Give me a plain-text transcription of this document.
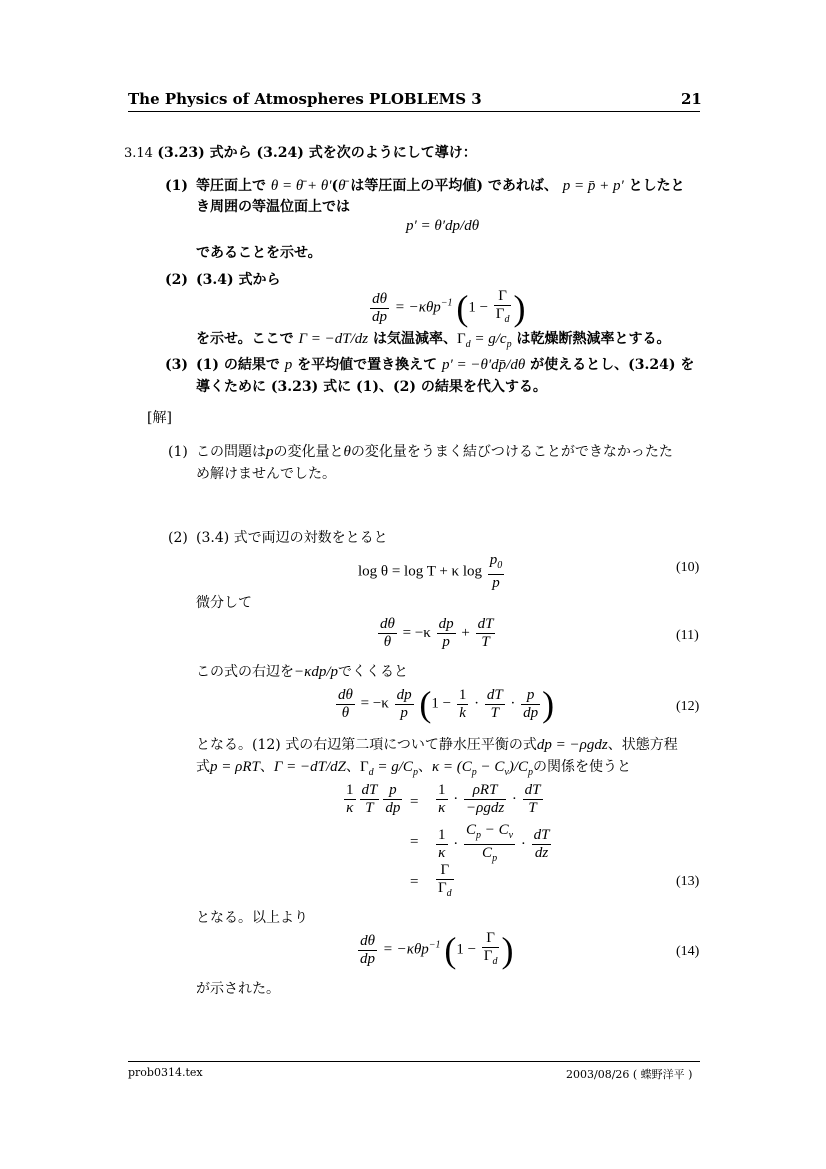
The Physics of Atmospheres PLOBLEMS 3	21
3.14 (3.23) 式から (3.24) 式を次のようにして導け：
(1) 等圧面上で θ = θ̄ + θ′(θ̄ は等圧面上の平均値) であれば、 p = p̄ + p′ としたと
き周囲の等温位面上では
p′ = θ′dp/dθ
であることを示せ。
(2) (3.4) 式から
$\frac{d\theta}{dp} = -\kappa\theta p^{-1}$ ($1 - \frac{\Gamma}{\Gamma_d}$ )
を示せ。ここで Γ = −dT/dz は気温減率、$\Gamma_d = g/c_p$ は乾燥断熱減率とする。
(3) (1) の結果で p を平均値で置き換えて p′ = −θ′dp̄/dθ が使えるとし、(3.24) を
導くために (3.23) 式に (1)、(2) の結果を代入する。
[解]
(1) この問題はpの変化量とθの変化量をうまく結びつけることができなかったた
め解けませんでした。
(2) (3.4) 式で両辺の対数をとると
log θ = log T + κ $\log \frac{p_0}{p}$	(10)
微分して
$\frac{d\theta}{\theta} = -\kappa \frac{dp}{p} + \frac{dT}{T}$	(11)
この式の右辺を−κdp/pでくくると
$\frac{d\theta}{\theta} = -\kappa \frac{dp}{p} (1 - \frac{1}{k} \cdot \frac{dT}{T} \cdot \frac{p}{dp}$ )	(12)
となる。(12) 式の右辺第二項について静水圧平衡の式dp = −ρgdz、状態方程
式p = ρRT、Γ = −dT/dZ、$\Gamma_d = g/C_p$、$\kappa = (C_p - C_v)/C_p$の関係を使うと
$\frac{1}{\kappa} \frac{dT}{T} \frac{p}{dp} = \frac{1}{\kappa} \cdot \frac{\text{ρRT}}{\text{−ρgdz}} \cdot \frac{dT}{T}$
= $\frac{1}{\kappa} \cdot \frac{C_p - C_v}{C_p} \cdot \frac{dT}{dz}$
= $\frac{\Gamma}{\Gamma_d}$	(13)
となる。以上より
$\frac{d\theta}{dp} = -\kappa\theta p^{-1}$ ($1 - \frac{\Gamma}{\Gamma_d}$ )	(14)
が示された。
prob0314.tex	2003/08/26 ( 蝶野洋平 )
